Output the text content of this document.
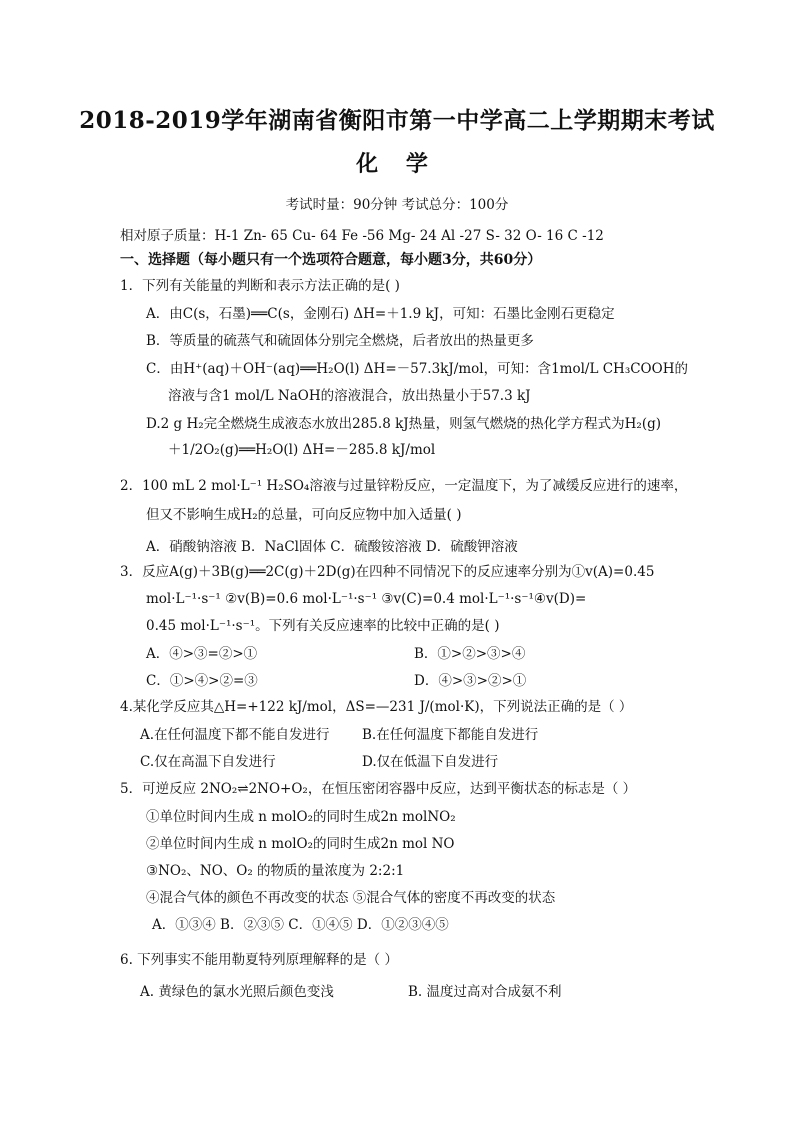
2018-2019学年湖南省衡阳市第一中学高二上学期期末考试
化 学
考试时量：90分钟 考试总分：100分
相对原子质量：H-1 Zn- 65 Cu- 64 Fe -56 Mg- 24 Al -27 S- 32 O- 16 C -12
一、选择题（每小题只有一个选项符合题意，每小题3分，共60分）
1．下列有关能量的判断和表示方法正确的是( )
A．由C(s，石墨)══C(s，金刚石) ΔH=＋1.9 kJ，可知：石墨比金刚石更稳定
B．等质量的硫蒸气和硫固体分别完全燃烧，后者放出的热量更多
C．由H⁺(aq)＋OH⁻(aq)══H₂O(l) ΔH=－57.3kJ/mol，可知：含1mol/L CH₃COOH的
溶液与含1 mol/L NaOH的溶液混合，放出热量小于57.3 kJ
D.2 g H₂完全燃烧生成液态水放出285.8 kJ热量，则氢气燃烧的热化学方程式为H₂(g)
＋1/2O₂(g)══H₂O(l) ΔH=－285.8 kJ/mol
2．100 mL 2 mol·L⁻¹ H₂SO₄溶液与过量锌粉反应，一定温度下，为了减缓反应进行的速率，
但又不影响生成H₂的总量，可向反应物中加入适量( )
A．硝酸钠溶液 B．NaCl固体 C．硫酸铵溶液 D．硫酸钾溶液
3．反应A(g)＋3B(g)══2C(g)＋2D(g)在四种不同情况下的反应速率分别为①v(A)=0.45
mol·L⁻¹·s⁻¹ ②v(B)=0.6 mol·L⁻¹·s⁻¹ ③v(C)=0.4 mol·L⁻¹·s⁻¹④v(D)=
0.45 mol·L⁻¹·s⁻¹。下列有关反应速率的比较中正确的是( )
A．④>③=②>①	B．①>②>③>④
C．①>④>②=③	D．④>③>②>①
4.某化学反应其△H=+122 kJ/mol，ΔS=—231 J/(mol·K)，下列说法正确的是（ ）
A.在任何温度下都不能自发进行 B.在任何温度下都能自发进行
C.仅在高温下自发进行	D.仅在低温下自发进行
5．可逆反应 2NO₂⇌2NO+O₂，在恒压密闭容器中反应，达到平衡状态的标志是（ ）
①单位时间内生成 n molO₂的同时生成2n molNO₂
②单位时间内生成 n molO₂的同时生成2n mol NO
③NO₂、NO、O₂ 的物质的量浓度为 2:2:1
④混合气体的颜色不再改变的状态 ⑤混合气体的密度不再改变的状态
A．①③④ B．②③⑤ C．①④⑤ D．①②③④⑤
6. 下列事实不能用勒夏特列原理解释的是（ ）
A. 黄绿色的氯水光照后颜色变浅	B. 温度过高对合成氨不利
